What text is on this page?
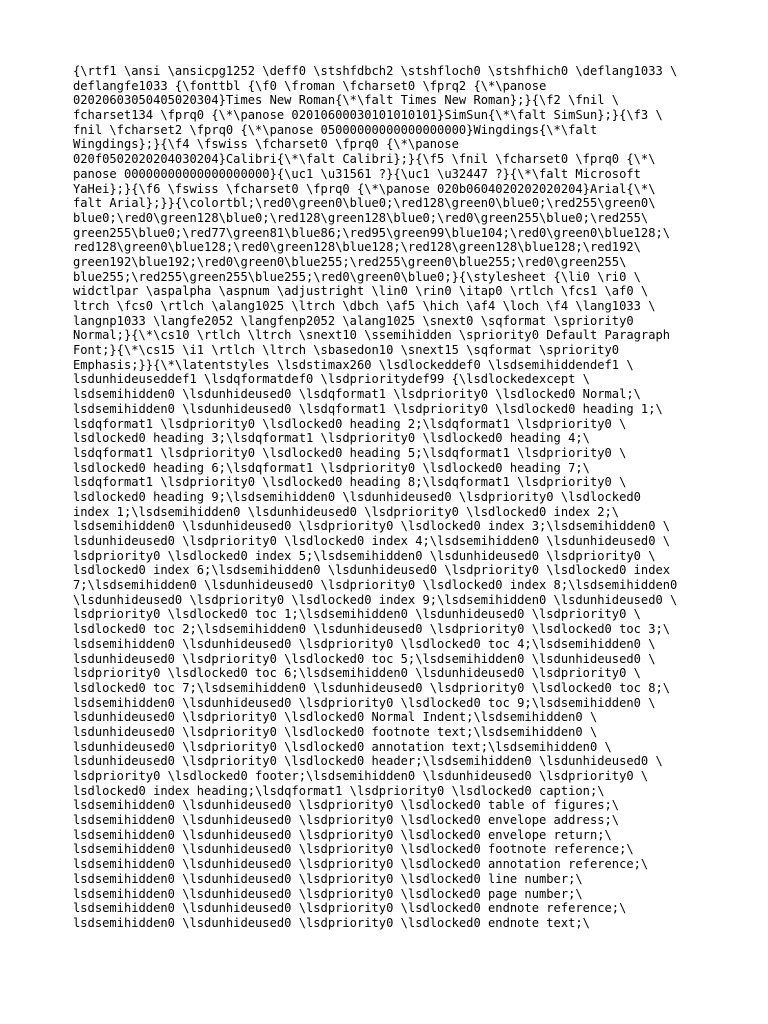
{\rtf1 \ansi \ansicpg1252 \deff0 \stshfdbch2 \stshfloch0 \stshfhich0 \deflang1033 \
deflangfe1033 {\fonttbl {\f0 \froman \fcharset0 \fprq2 {\*\panose
02020603050405020304}Times New Roman{\*\falt Times New Roman};}{\f2 \fnil \
fcharset134 \fprq0 {\*\panose 02010600030101010101}SimSun{\*\falt SimSun};}{\f3 \
fnil \fcharset2 \fprq0 {\*\panose 05000000000000000000}Wingdings{\*\falt
Wingdings};}{\f4 \fswiss \fcharset0 \fprq0 {\*\panose
020f0502020204030204}Calibri{\*\falt Calibri};}{\f5 \fnil \fcharset0 \fprq0 {\*\
panose 00000000000000000000}{\uc1 \u31561 ?}{\uc1 \u32447 ?}{\*\falt Microsoft
YaHei};}{\f6 \fswiss \fcharset0 \fprq0 {\*\panose 020b0604020202020204}Arial{\*\
falt Arial};}}{\colortbl;\red0\green0\blue0;\red128\green0\blue0;\red255\green0\
blue0;\red0\green128\blue0;\red128\green128\blue0;\red0\green255\blue0;\red255\
green255\blue0;\red77\green81\blue86;\red95\green99\blue104;\red0\green0\blue128;\
red128\green0\blue128;\red0\green128\blue128;\red128\green128\blue128;\red192\
green192\blue192;\red0\green0\blue255;\red255\green0\blue255;\red0\green255\
blue255;\red255\green255\blue255;\red0\green0\blue0;}{\stylesheet {\li0 \ri0 \
widctlpar \aspalpha \aspnum \adjustright \lin0 \rin0 \itap0 \rtlch \fcs1 \af0 \
ltrch \fcs0 \rtlch \alang1025 \ltrch \dbch \af5 \hich \af4 \loch \f4 \lang1033 \
langnp1033 \langfe2052 \langfenp2052 \alang1025 \snext0 \sqformat \spriority0
Normal;}{\*\cs10 \rtlch \ltrch \snext10 \ssemihidden \spriority0 Default Paragraph
Font;}{\*\cs15 \i1 \rtlch \ltrch \sbasedon10 \snext15 \sqformat \spriority0
Emphasis;}}{\*\latentstyles \lsdstimax260 \lsdlockeddef0 \lsdsemihiddendef1 \
lsdunhideuseddef1 \lsdqformatdef0 \lsdprioritydef99 {\lsdlockedexcept \
lsdsemihidden0 \lsdunhideused0 \lsdqformat1 \lsdpriority0 \lsdlocked0 Normal;\
lsdsemihidden0 \lsdunhideused0 \lsdqformat1 \lsdpriority0 \lsdlocked0 heading 1;\
lsdqformat1 \lsdpriority0 \lsdlocked0 heading 2;\lsdqformat1 \lsdpriority0 \
lsdlocked0 heading 3;\lsdqformat1 \lsdpriority0 \lsdlocked0 heading 4;\
lsdqformat1 \lsdpriority0 \lsdlocked0 heading 5;\lsdqformat1 \lsdpriority0 \
lsdlocked0 heading 6;\lsdqformat1 \lsdpriority0 \lsdlocked0 heading 7;\
lsdqformat1 \lsdpriority0 \lsdlocked0 heading 8;\lsdqformat1 \lsdpriority0 \
lsdlocked0 heading 9;\lsdsemihidden0 \lsdunhideused0 \lsdpriority0 \lsdlocked0
index 1;\lsdsemihidden0 \lsdunhideused0 \lsdpriority0 \lsdlocked0 index 2;\
lsdsemihidden0 \lsdunhideused0 \lsdpriority0 \lsdlocked0 index 3;\lsdsemihidden0 \
lsdunhideused0 \lsdpriority0 \lsdlocked0 index 4;\lsdsemihidden0 \lsdunhideused0 \
lsdpriority0 \lsdlocked0 index 5;\lsdsemihidden0 \lsdunhideused0 \lsdpriority0 \
lsdlocked0 index 6;\lsdsemihidden0 \lsdunhideused0 \lsdpriority0 \lsdlocked0 index
7;\lsdsemihidden0 \lsdunhideused0 \lsdpriority0 \lsdlocked0 index 8;\lsdsemihidden0
\lsdunhideused0 \lsdpriority0 \lsdlocked0 index 9;\lsdsemihidden0 \lsdunhideused0 \
lsdpriority0 \lsdlocked0 toc 1;\lsdsemihidden0 \lsdunhideused0 \lsdpriority0 \
lsdlocked0 toc 2;\lsdsemihidden0 \lsdunhideused0 \lsdpriority0 \lsdlocked0 toc 3;\
lsdsemihidden0 \lsdunhideused0 \lsdpriority0 \lsdlocked0 toc 4;\lsdsemihidden0 \
lsdunhideused0 \lsdpriority0 \lsdlocked0 toc 5;\lsdsemihidden0 \lsdunhideused0 \
lsdpriority0 \lsdlocked0 toc 6;\lsdsemihidden0 \lsdunhideused0 \lsdpriority0 \
lsdlocked0 toc 7;\lsdsemihidden0 \lsdunhideused0 \lsdpriority0 \lsdlocked0 toc 8;\
lsdsemihidden0 \lsdunhideused0 \lsdpriority0 \lsdlocked0 toc 9;\lsdsemihidden0 \
lsdunhideused0 \lsdpriority0 \lsdlocked0 Normal Indent;\lsdsemihidden0 \
lsdunhideused0 \lsdpriority0 \lsdlocked0 footnote text;\lsdsemihidden0 \
lsdunhideused0 \lsdpriority0 \lsdlocked0 annotation text;\lsdsemihidden0 \
lsdunhideused0 \lsdpriority0 \lsdlocked0 header;\lsdsemihidden0 \lsdunhideused0 \
lsdpriority0 \lsdlocked0 footer;\lsdsemihidden0 \lsdunhideused0 \lsdpriority0 \
lsdlocked0 index heading;\lsdqformat1 \lsdpriority0 \lsdlocked0 caption;\
lsdsemihidden0 \lsdunhideused0 \lsdpriority0 \lsdlocked0 table of figures;\
lsdsemihidden0 \lsdunhideused0 \lsdpriority0 \lsdlocked0 envelope address;\
lsdsemihidden0 \lsdunhideused0 \lsdpriority0 \lsdlocked0 envelope return;\
lsdsemihidden0 \lsdunhideused0 \lsdpriority0 \lsdlocked0 footnote reference;\
lsdsemihidden0 \lsdunhideused0 \lsdpriority0 \lsdlocked0 annotation reference;\
lsdsemihidden0 \lsdunhideused0 \lsdpriority0 \lsdlocked0 line number;\
lsdsemihidden0 \lsdunhideused0 \lsdpriority0 \lsdlocked0 page number;\
lsdsemihidden0 \lsdunhideused0 \lsdpriority0 \lsdlocked0 endnote reference;\
lsdsemihidden0 \lsdunhideused0 \lsdpriority0 \lsdlocked0 endnote text;\
